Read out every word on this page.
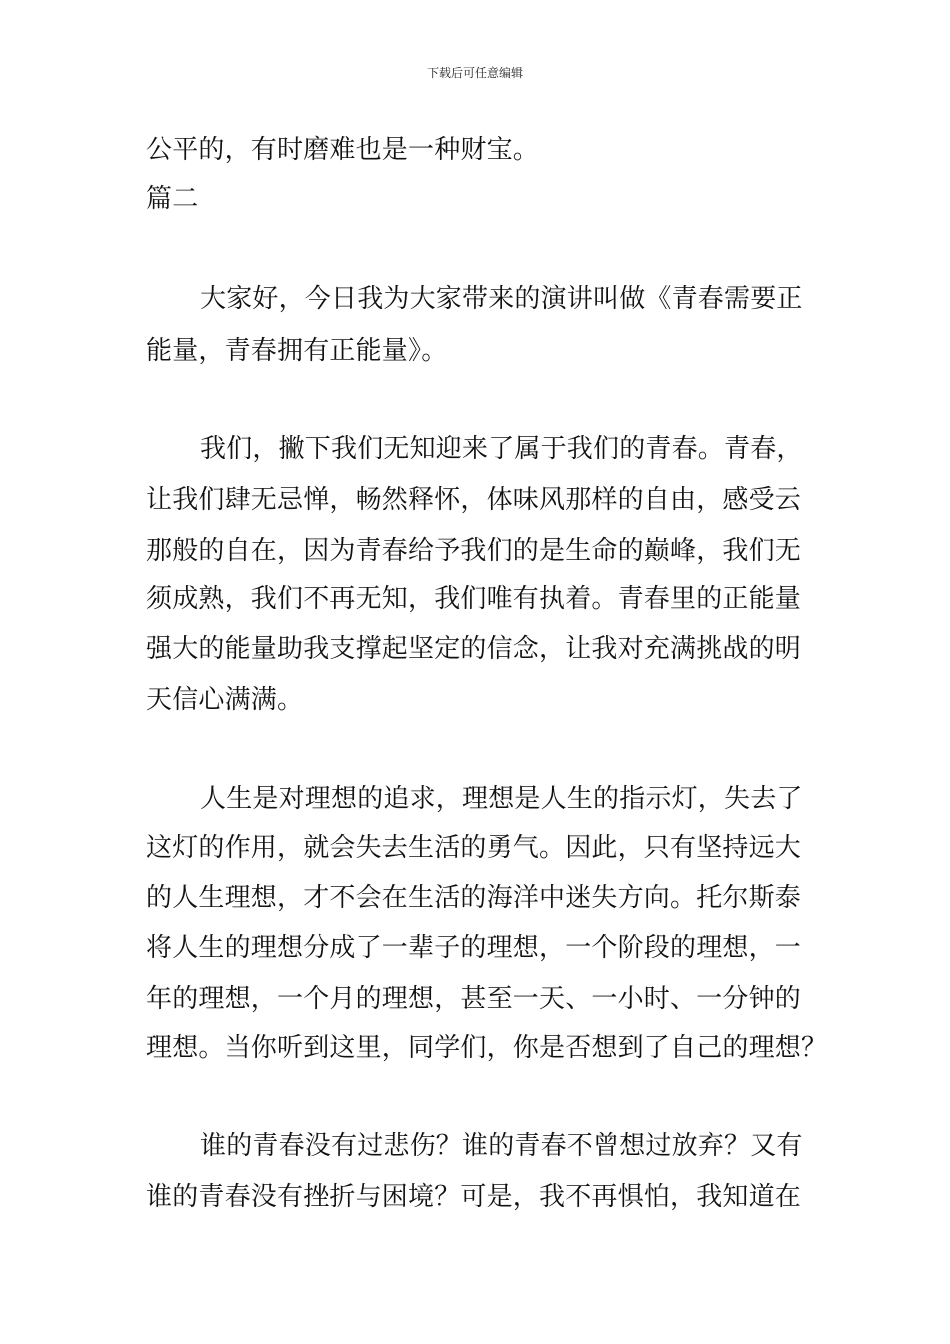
下载后可任意编辑
公平的，有时磨难也是一种财宝。
篇二
大家好，今日我为大家带来的演讲叫做《青春需要正
能量，青春拥有正能量》。
我们，撇下我们无知迎来了属于我们的青春。青春，
让我们肆无忌惮，畅然释怀，体味风那样的自由，感受云
那般的自在，因为青春给予我们的是生命的巅峰，我们无
须成熟，我们不再无知，我们唯有执着。青春里的正能量
强大的能量助我支撑起坚定的信念，让我对充满挑战的明
天信心满满。
人生是对理想的追求，理想是人生的指示灯，失去了
这灯的作用，就会失去生活的勇气。因此，只有坚持远大
的人生理想，才不会在生活的海洋中迷失方向。托尔斯泰
将人生的理想分成了一辈子的理想，一个阶段的理想，一
年的理想，一个月的理想，甚至一天、一小时、一分钟的
理想。当你听到这里，同学们，你是否想到了自己的理想？
谁的青春没有过悲伤？谁的青春不曾想过放弃？又有
谁的青春没有挫折与困境？可是，我不再惧怕，我知道在
